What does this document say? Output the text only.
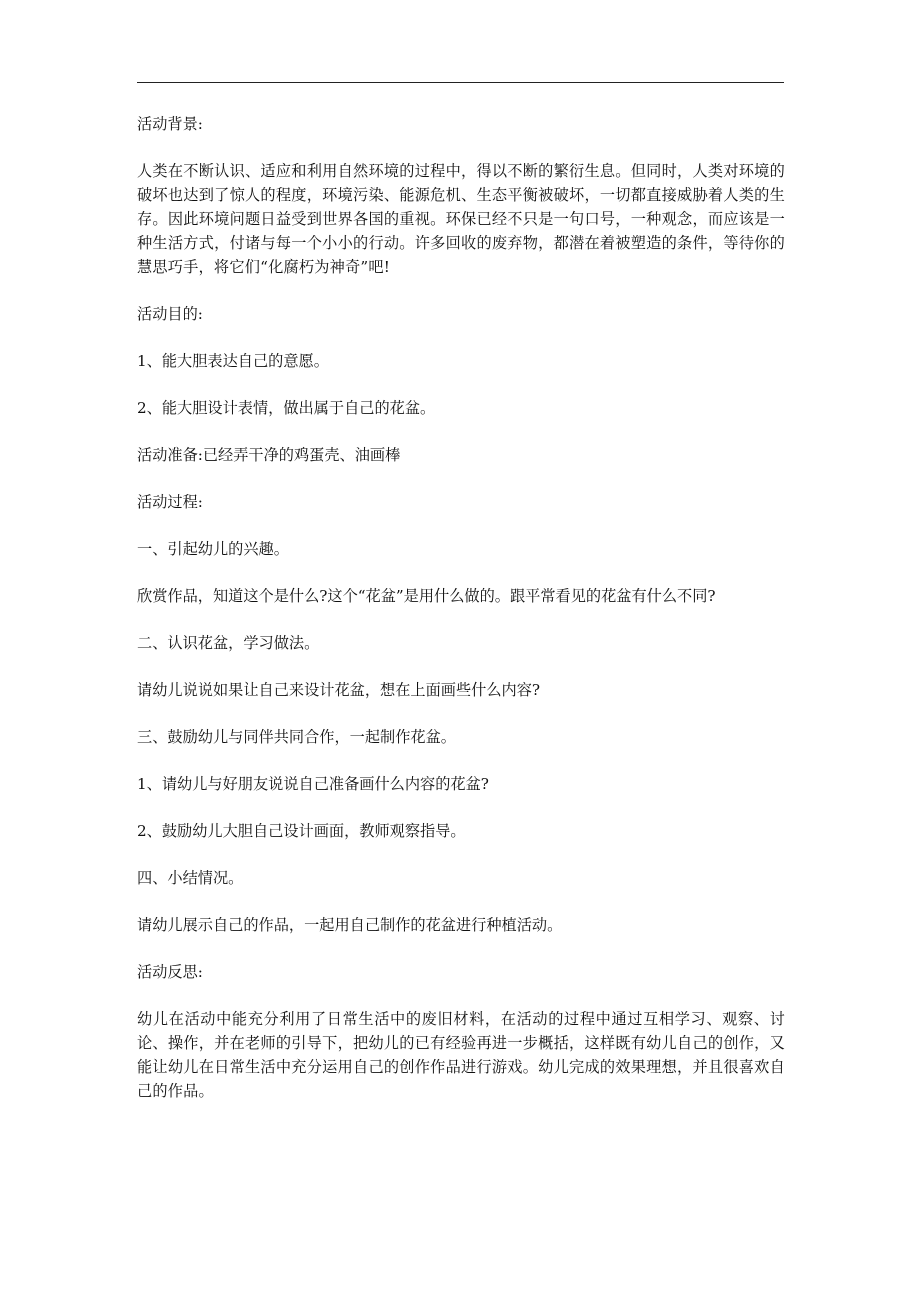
活动背景:

人类在不断认识、适应和利用自然环境的过程中，得以不断的繁衍生息。但同时，人类对环境的破坏也达到了惊人的程度，环境污染、能源危机、生态平衡被破坏，一切都直接威胁着人类的生存。因此环境问题日益受到世界各国的重视。环保已经不只是一句口号，一种观念，而应该是一种生活方式，付诸与每一个小小的行动。许多回收的废弃物，都潜在着被塑造的条件，等待你的慧思巧手，将它们“化腐朽为神奇”吧!

活动目的:

1、能大胆表达自己的意愿。

2、能大胆设计表情，做出属于自己的花盆。

活动准备:已经弄干净的鸡蛋壳、油画棒

活动过程:

一、引起幼儿的兴趣。

欣赏作品，知道这个是什么?这个“花盆”是用什么做的。跟平常看见的花盆有什么不同?

二、认识花盆，学习做法。

请幼儿说说如果让自己来设计花盆，想在上面画些什么内容?

三、鼓励幼儿与同伴共同合作，一起制作花盆。

1、请幼儿与好朋友说说自己准备画什么内容的花盆?

2、鼓励幼儿大胆自己设计画面，教师观察指导。

四、小结情况。

请幼儿展示自己的作品，一起用自己制作的花盆进行种植活动。

活动反思:

幼儿在活动中能充分利用了日常生活中的废旧材料，在活动的过程中通过互相学习、观察、讨论、操作，并在老师的引导下，把幼儿的已有经验再进一步概括，这样既有幼儿自己的创作，又能让幼儿在日常生活中充分运用自己的创作作品进行游戏。幼儿完成的效果理想，并且很喜欢自己的作品。
